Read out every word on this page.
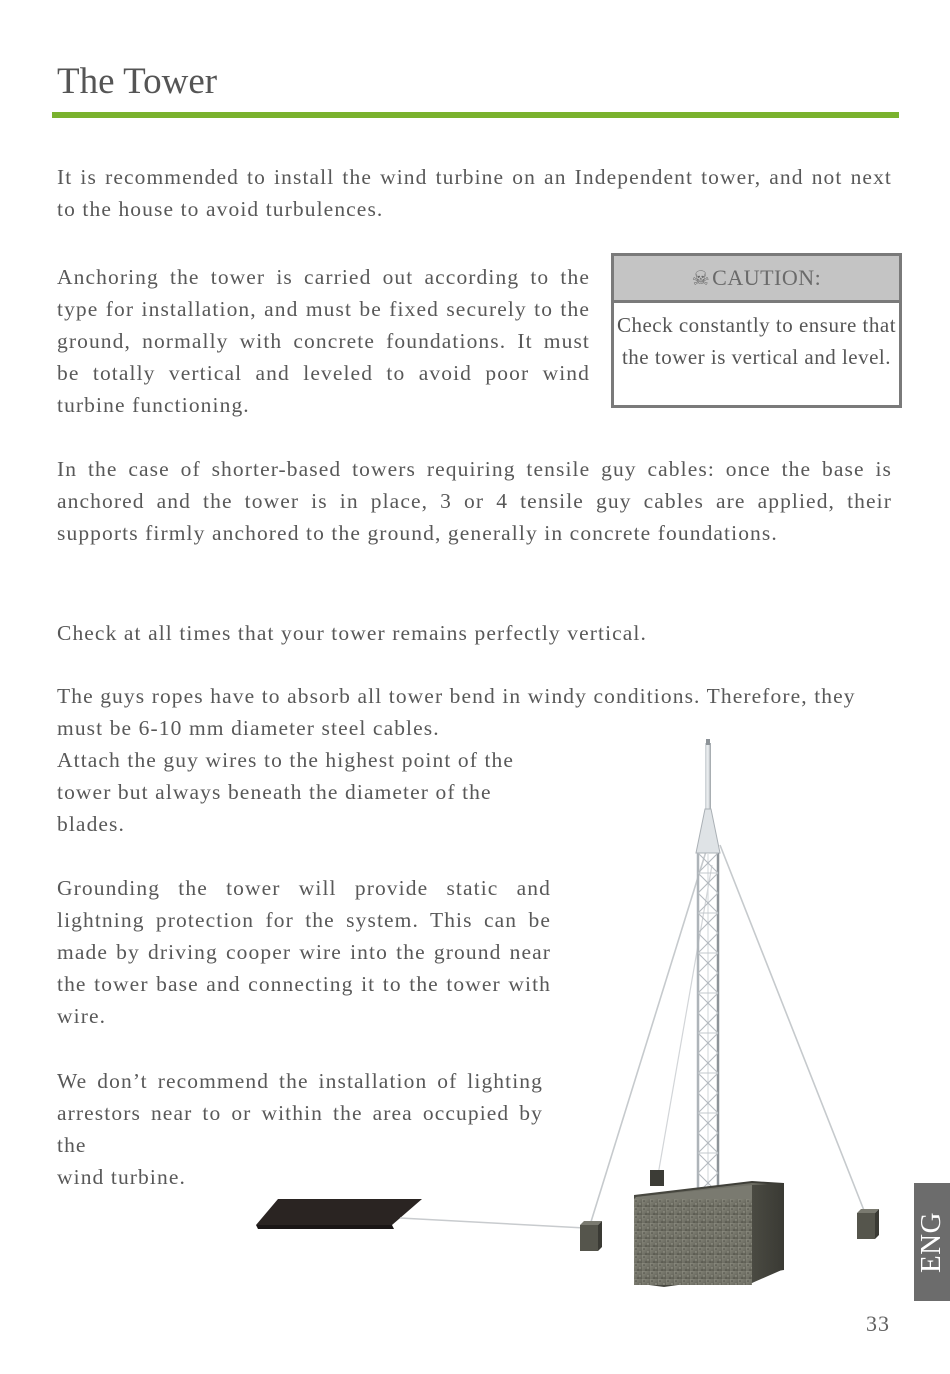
The Tower

It is recommended to install the wind turbine on an Independent tower, and not next to the house to avoid turbulences.

Anchoring the tower is carried out according to the type for installation, and must be fixed securely to the ground, normally with concrete foundations. It must be totally vertical and leveled to avoid poor wind turbine functioning.

☠ CAUTION:
Check constantly to ensure that the tower is vertical and level.

In the case of shorter-based towers requiring tensile guy cables: once the base is anchored and the tower is in place, 3 or 4 tensile guy cables are applied, their supports firmly anchored to the ground, generally in concrete foundations.

Check at all times that your tower remains perfectly vertical.

The guys ropes have to absorb all tower bend in windy conditions. Therefore, they must be 6-10 mm diameter steel cables.

Attach the guy wires to the highest point of the tower but always beneath the diameter of the blades.

Grounding the tower will provide static and lightning protection for the system. This can be made by driving cooper wire into the ground near the tower base and connecting it to the tower with wire.

We don’t recommend the installation of lighting arrestors near to or within the area occupied by the
wind turbine.

ENG
33
